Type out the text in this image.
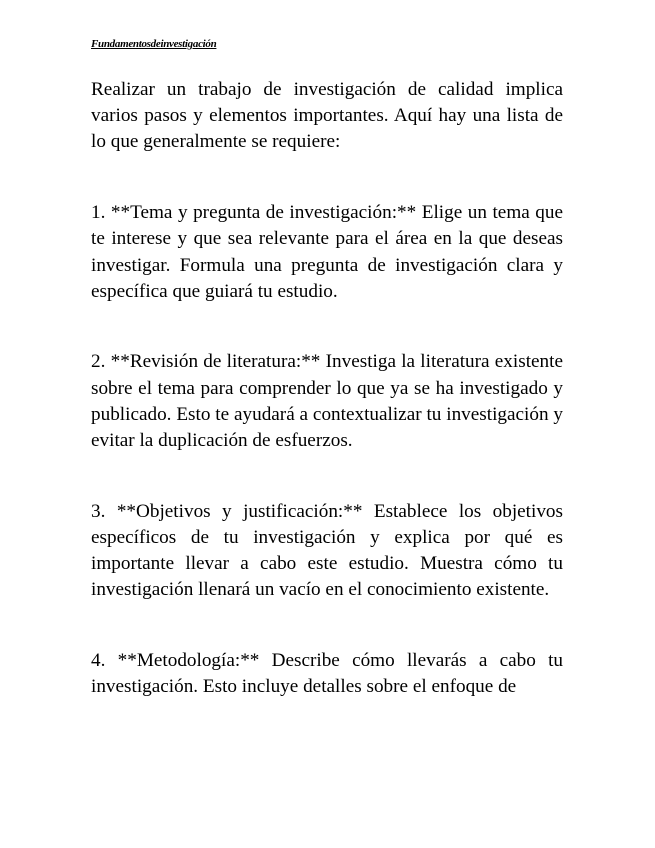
Fundamentosdeinvestigación

Realizar un trabajo de investigación de calidad implica varios pasos y elementos importantes. Aquí hay una lista de lo que generalmente se requiere:

1. **Tema y pregunta de investigación:** Elige un tema que te interese y que sea relevante para el área en la que deseas investigar. Formula una pregunta de investigación clara y específica que guiará tu estudio.

2. **Revisión de literatura:** Investiga la literatura existente sobre el tema para comprender lo que ya se ha investigado y publicado. Esto te ayudará a contextualizar tu investigación y evitar la duplicación de esfuerzos.

3. **Objetivos y justificación:** Establece los objetivos específicos de tu investigación y explica por qué es importante llevar a cabo este estudio. Muestra cómo tu investigación llenará un vacío en el conocimiento existente.

4. **Metodología:** Describe cómo llevarás a cabo tu investigación. Esto incluye detalles sobre el enfoque de
